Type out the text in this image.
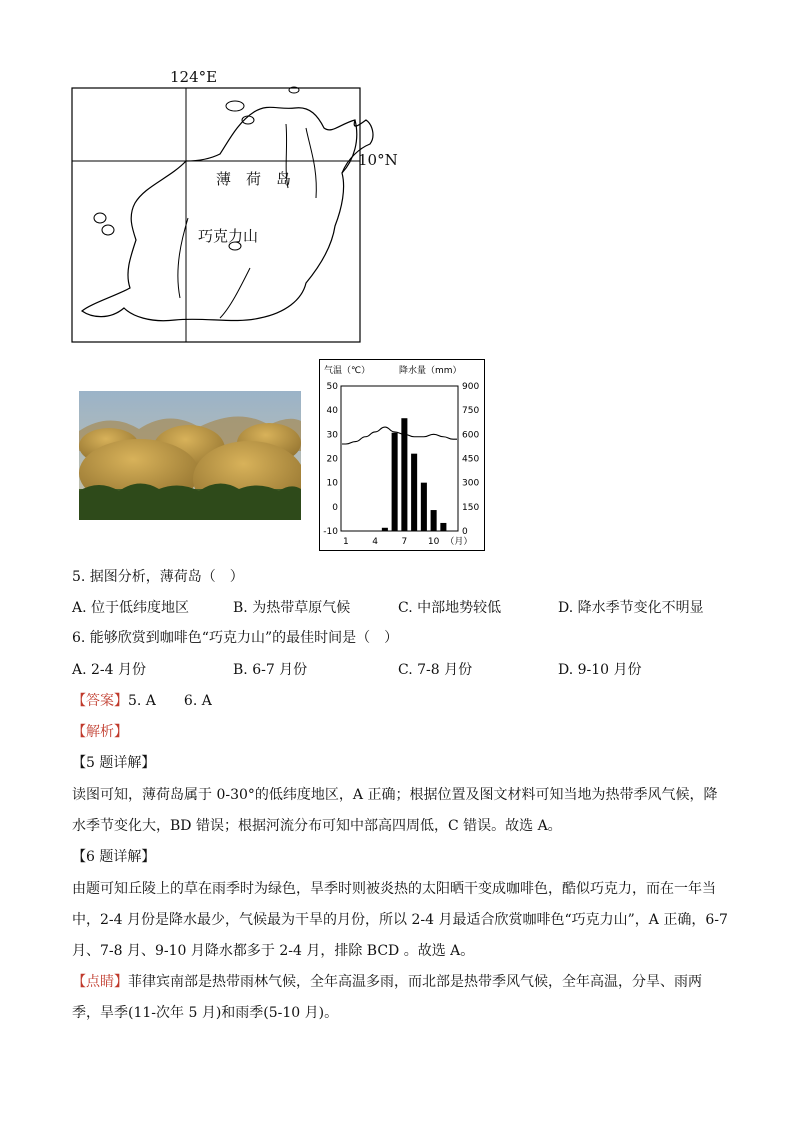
124°E
10°N
薄　荷　岛
巧克力山
气温（℃）	降水量（mm）
50
40
30
20
10
0
-10
900
750
600
450
300
150
0
1	4	7 10 （月）
5. 据图分析，薄荷岛（　）
A. 位于低纬度地区	B. 为热带草原气候	C. 中部地势较低	D. 降水季节变化不明显
6. 能够欣赏到咖啡色“巧克力山”的最佳时间是（　）
A. 2-4 月份	B. 6-7 月份	C. 7-8 月份	D. 9-10 月份
【答案】5. A　　6. A
【解析】
【5 题详解】
读图可知，薄荷岛属于 0-30°的低纬度地区，A 正确；根据位置及图文材料可知当地为热带季风气候，降
水季节变化大，BD 错误；根据河流分布可知中部高四周低，C 错误。故选 A。
【6 题详解】
由题可知丘陵上的草在雨季时为绿色，旱季时则被炎热的太阳晒干变成咖啡色，酷似巧克力，而在一年当
中，2-4 月份是降水最少，气候最为干旱的月份，所以 2-4 月最适合欣赏咖啡色“巧克力山”，A 正确，6-7
月、7-8 月、9-10 月降水都多于 2-4 月，排除 BCD 。故选 A。
【点睛】菲律宾南部是热带雨林气候，全年高温多雨，而北部是热带季风气候，全年高温，分旱、雨两
季，旱季(11-次年 5 月)和雨季(5-10 月)。
